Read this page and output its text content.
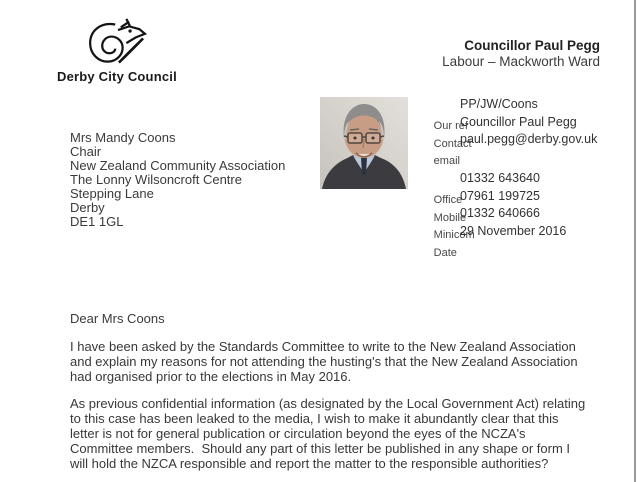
Derby City Council
Councillor Paul Pegg
Labour – Mackworth Ward

Our ref

PP/JW/Coons

Contact

Councillor Paul Pegg

email

paul.pegg@derby.gov.uk

Office

01332 643640

Mobile

07961 199725

Minicom

01332 640666

Date

29 November 2016

Mrs Mandy Coons
Chair
New Zealand Community Association
The Lonny Wilsoncroft Centre
Stepping Lane
Derby
DE1 1GL
Dear Mrs Coons
I have been asked by the Standards Committee to write to the New Zealand Association
and explain my reasons for not attending the husting's that the New Zealand Association
had organised prior to the elections in May 2016.
As previous confidential information (as designated by the Local Government Act) relating
to this case has been leaked to the media, I wish to make it abundantly clear that this
letter is not for general publication or circulation beyond the eyes of the NCZA's
Committee members.  Should any part of this letter be published in any shape or form I
will hold the NZCA responsible and report the matter to the responsible authorities?
